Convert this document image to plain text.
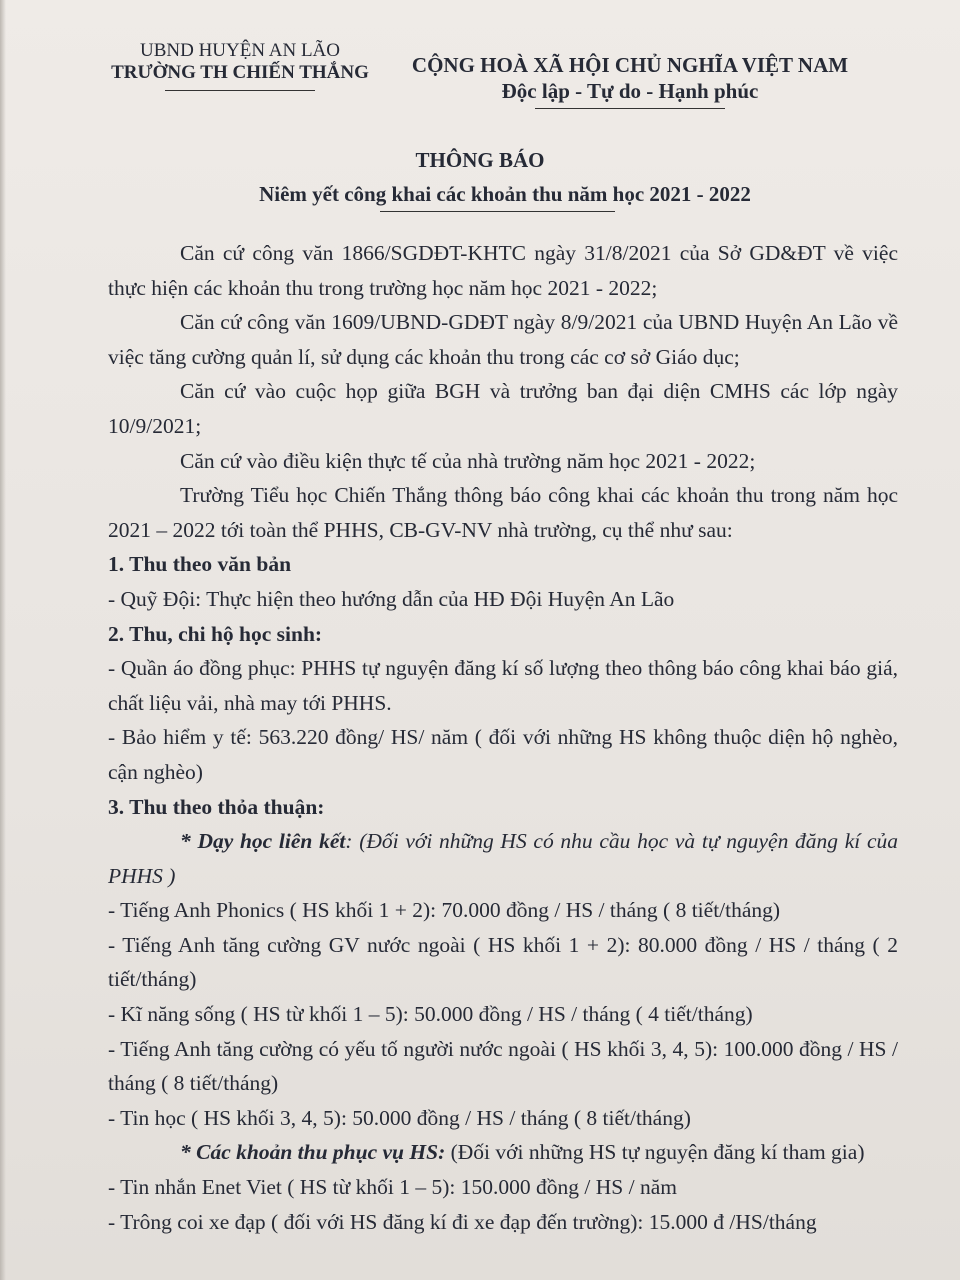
UBND HUYỆN AN LÃO
TRƯỜNG TH CHIẾN THẮNG	CỘNG HOÀ XÃ HỘI CHỦ NGHĨA VIỆT NAM
Độc lập - Tự do - Hạnh phúc
THÔNG BÁO
Niêm yết công khai các khoản thu năm học 2021 - 2022

Căn cứ công văn 1866/SGDĐT-KHTC ngày 31/8/2021 của Sở GD&ĐT về việc thực hiện các khoản thu trong trường học năm học 2021 - 2022;

Căn cứ công văn 1609/UBND-GDĐT ngày 8/9/2021 của UBND Huyện An Lão về việc tăng cường quản lí, sử dụng các khoản thu trong các cơ sở Giáo dục;

Căn cứ vào cuộc họp giữa BGH và trưởng ban đại diện CMHS các lớp ngày 10/9/2021;

Căn cứ vào điều kiện thực tế của nhà trường năm học 2021 - 2022;

Trường Tiểu học Chiến Thắng thông báo công khai các khoản thu trong năm học 2021 – 2022 tới toàn thể PHHS, CB-GV-NV nhà trường, cụ thể như sau:

1. Thu theo văn bản

- Quỹ Đội: Thực hiện theo hướng dẫn của HĐ Đội Huyện An Lão

2. Thu, chi hộ học sinh:

- Quần áo đồng phục: PHHS tự nguyện đăng kí số lượng theo thông báo công khai báo giá, chất liệu vải, nhà may tới PHHS.

- Bảo hiểm y tế: 563.220 đồng/ HS/ năm ( đối với những HS không thuộc diện hộ nghèo, cận nghèo)

3. Thu theo thỏa thuận:

* Dạy học liên kết: (Đối với những HS có nhu cầu học và tự nguyện đăng kí của PHHS )

- Tiếng Anh Phonics ( HS khối 1 + 2): 70.000 đồng / HS / tháng ( 8 tiết/tháng)

- Tiếng Anh tăng cường GV nước ngoài ( HS khối 1 + 2): 80.000 đồng / HS / tháng ( 2 tiết/tháng)

- Kĩ năng sống ( HS từ khối 1 – 5): 50.000 đồng / HS / tháng ( 4 tiết/tháng)

- Tiếng Anh tăng cường có yếu tố người nước ngoài ( HS khối 3, 4, 5): 100.000 đồng / HS / tháng ( 8 tiết/tháng)

- Tin học ( HS khối 3, 4, 5): 50.000 đồng / HS / tháng ( 8 tiết/tháng)

* Các khoản thu phục vụ HS: (Đối với những HS tự nguyện đăng kí tham gia)

- Tin nhắn Enet Viet ( HS từ khối 1 – 5): 150.000 đồng / HS / năm

- Trông coi xe đạp ( đối với HS đăng kí đi xe đạp đến trường): 15.000 đ /HS/tháng
